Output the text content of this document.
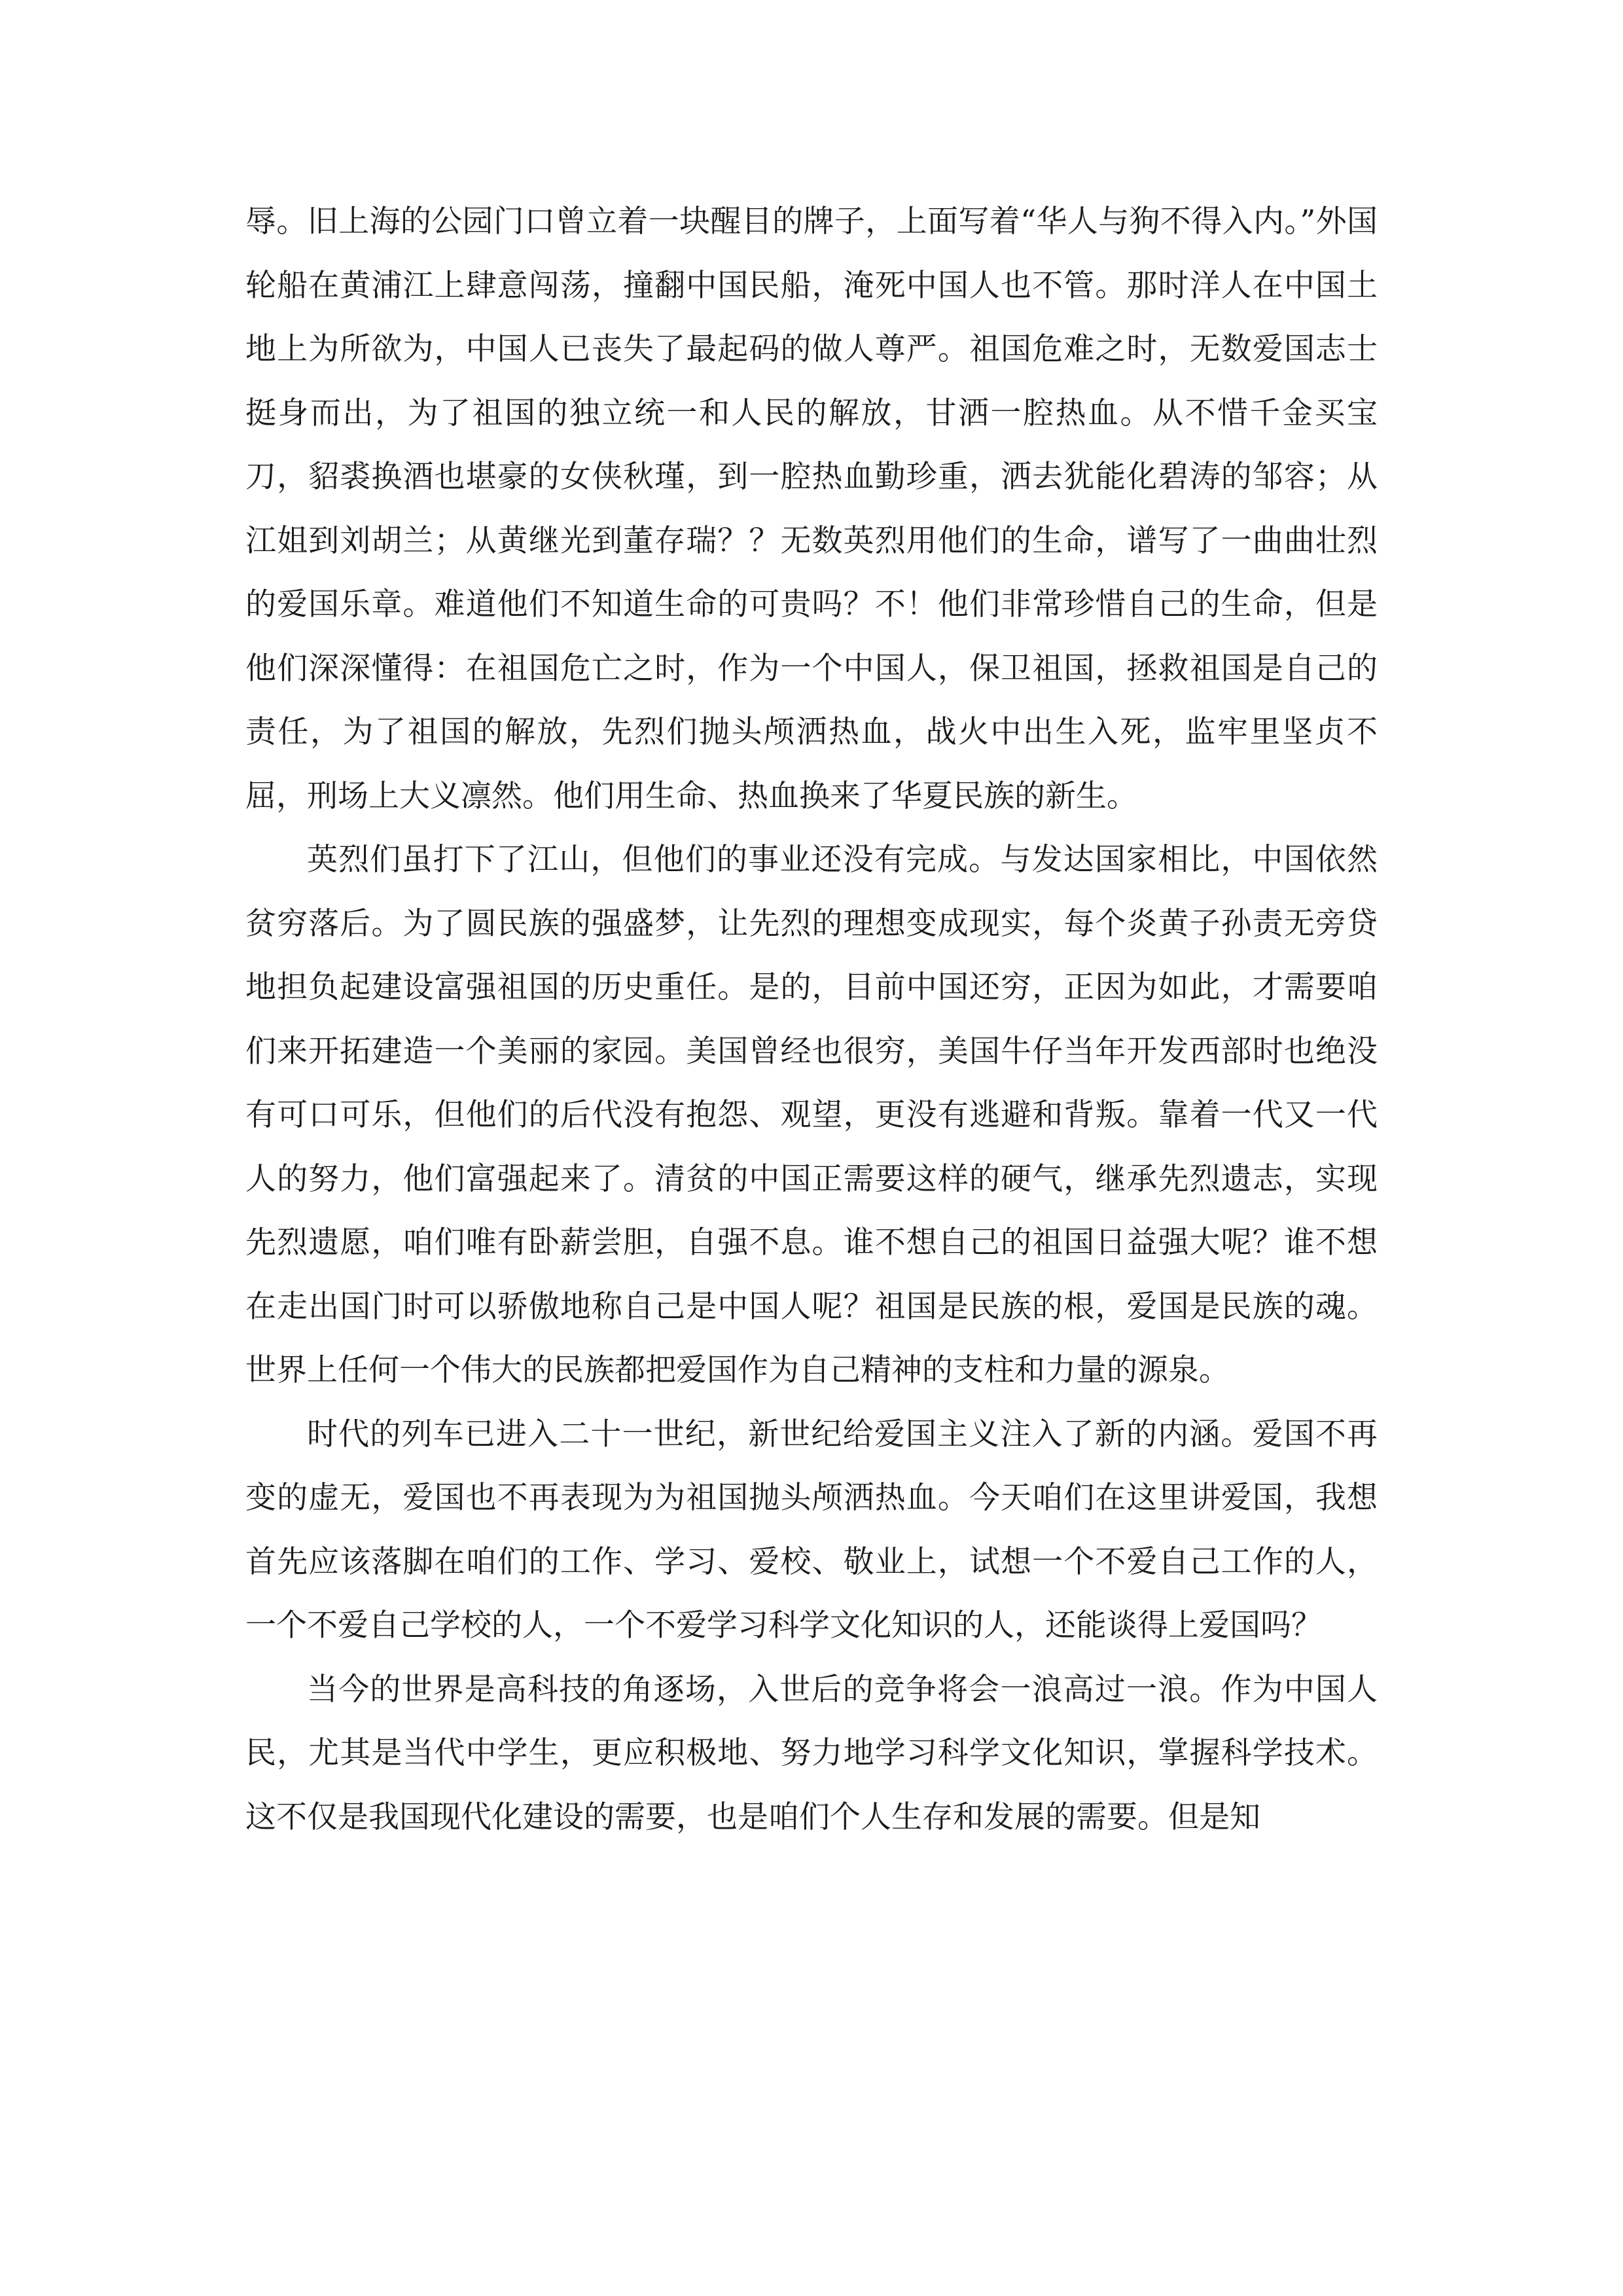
辱。旧上海的公园门口曾立着一块醒目的牌子，上面写着“华人与狗不得入内。”外国轮船在黄浦江上肆意闯荡，撞翻中国民船，淹死中国人也不管。那时洋人在中国土地上为所欲为，中国人已丧失了最起码的做人尊严。祖国危难之时，无数爱国志士挺身而出，为了祖国的独立统一和人民的解放，甘洒一腔热血。从不惜千金买宝刀，貂裘换酒也堪豪的女侠秋瑾，到一腔热血勤珍重，洒去犹能化碧涛的邹容；从江姐到刘胡兰；从黄继光到董存瑞？？无数英烈用他们的生命，谱写了一曲曲壮烈的爱国乐章。难道他们不知道生命的可贵吗？不！他们非常珍惜自己的生命，但是他们深深懂得：在祖国危亡之时，作为一个中国人，保卫祖国，拯救祖国是自己的责任，为了祖国的解放，先烈们抛头颅洒热血，战火中出生入死，监牢里坚贞不屈，刑场上大义凛然。他们用生命、热血换来了华夏民族的新生。

英烈们虽打下了江山，但他们的事业还没有完成。与发达国家相比，中国依然贫穷落后。为了圆民族的强盛梦，让先烈的理想变成现实，每个炎黄子孙责无旁贷地担负起建设富强祖国的历史重任。是的，目前中国还穷，正因为如此，才需要咱们来开拓建造一个美丽的家园。美国曾经也很穷，美国牛仔当年开发西部时也绝没有可口可乐，但他们的后代没有抱怨、观望，更没有逃避和背叛。靠着一代又一代人的努力，他们富强起来了。清贫的中国正需要这样的硬气，继承先烈遗志，实现先烈遗愿，咱们唯有卧薪尝胆，自强不息。谁不想自己的祖国日益强大呢？谁不想在走出国门时可以骄傲地称自己是中国人呢？祖国是民族的根，爱国是民族的魂。世界上任何一个伟大的民族都把爱国作为自己精神的支柱和力量的源泉。

时代的列车已进入二十一世纪，新世纪给爱国主义注入了新的内涵。爱国不再变的虚无，爱国也不再表现为为祖国抛头颅洒热血。今天咱们在这里讲爱国，我想首先应该落脚在咱们的工作、学习、爱校、敬业上，试想一个不爱自己工作的人，一个不爱自己学校的人，一个不爱学习科学文化知识的人，还能谈得上爱国吗？

当今的世界是高科技的角逐场，入世后的竞争将会一浪高过一浪。作为中国人民，尤其是当代中学生，更应积极地、努力地学习科学文化知识，掌握科学技术。这不仅是我国现代化建设的需要，也是咱们个人生存和发展的需要。但是知
